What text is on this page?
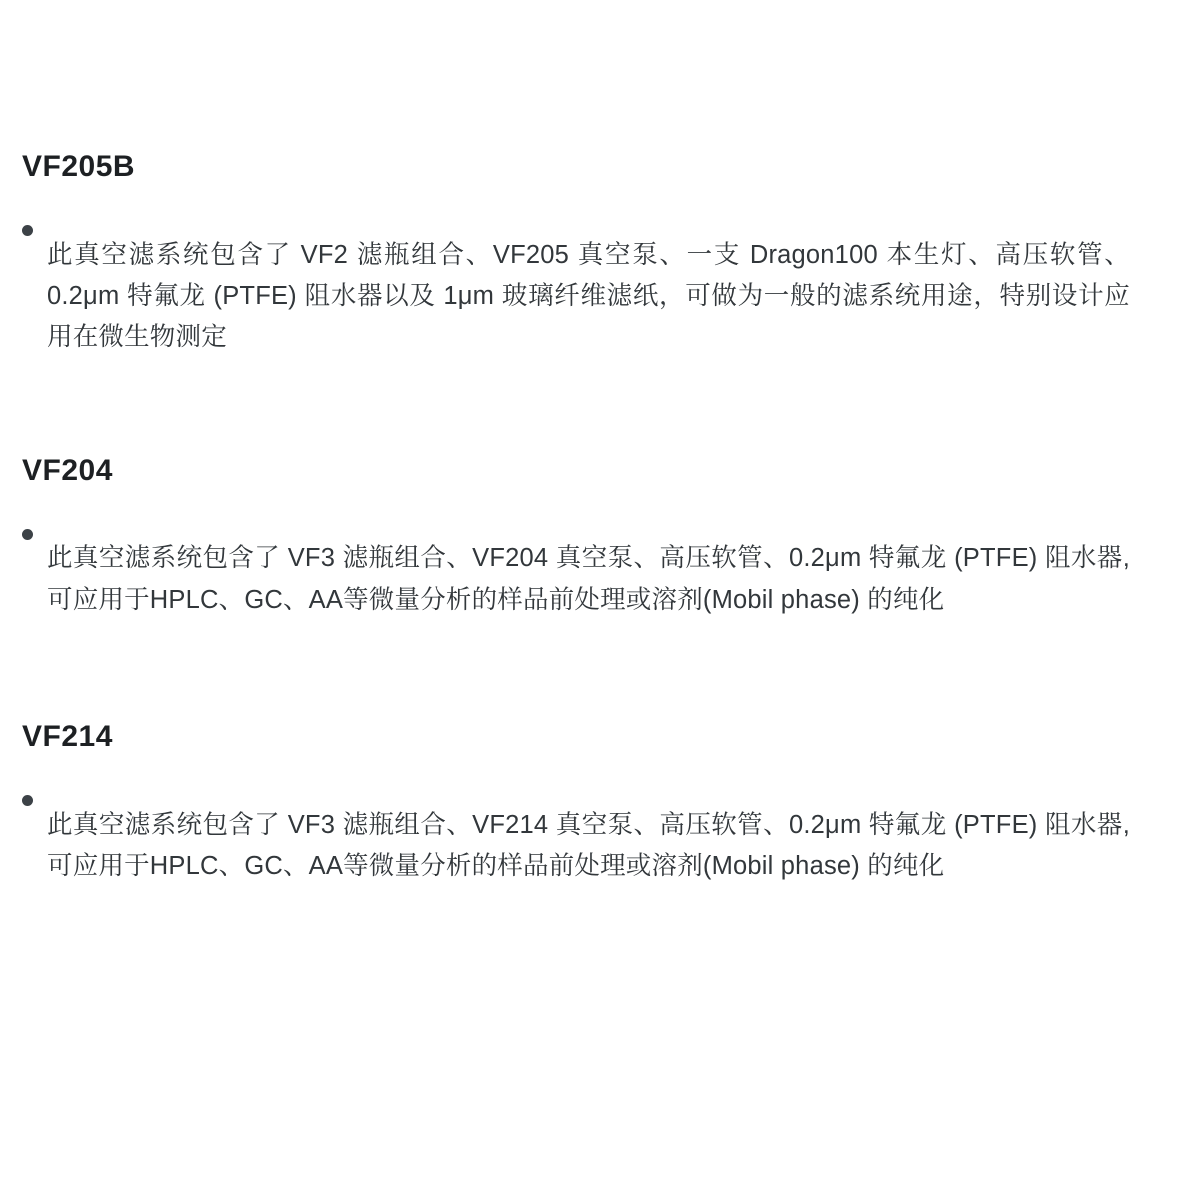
VF205B

此真空滤系统包含了 VF2 滤瓶组合、VF205 真空泵、一支 Dragon100 本生灯、高压软管、0.2μm 特氟龙 (PTFE) 阻水器以及 1μm 玻璃纤维滤纸，可做为一般的滤系统用途，特别设计应用在微生物测定

VF204

此真空滤系统包含了 VF3 滤瓶组合、VF204 真空泵、高压软管、0.2μm 特氟龙 (PTFE) 阻水器,可应用于HPLC、GC、AA等微量分析的样品前处理或溶剂(Mobil phase) 的纯化

VF214

此真空滤系统包含了 VF3 滤瓶组合、VF214 真空泵、高压软管、0.2μm 特氟龙 (PTFE) 阻水器,可应用于HPLC、GC、AA等微量分析的样品前处理或溶剂(Mobil phase) 的纯化
